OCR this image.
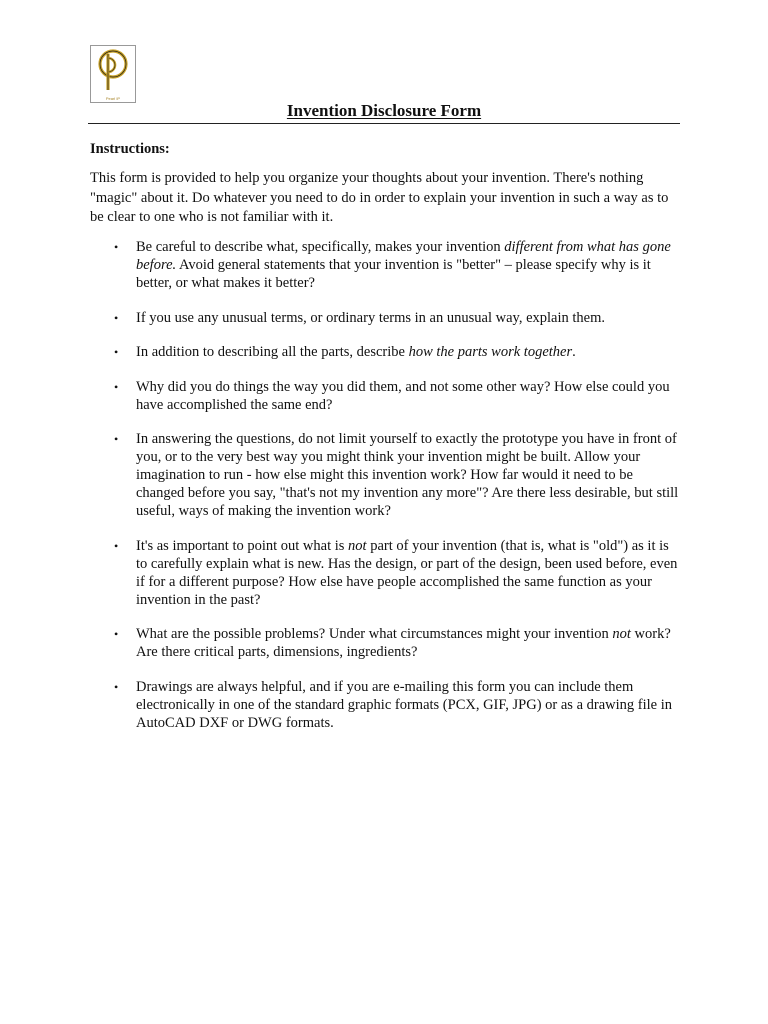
Pearl IP
Invention Disclosure Form
Instructions:

This form is provided to help you organize your thoughts about your invention. There's nothing "magic" about it. Do whatever you need to do in order to explain your invention in such a way as to be clear to one who is not familiar with it.

• Be careful to describe what, specifically, makes your invention different from what has gone before. Avoid general statements that your invention is "better" – please specify why is it better, or what makes it better?
• If you use any unusual terms, or ordinary terms in an unusual way, explain them.
• In addition to describing all the parts, describe how the parts work together.
• Why did you do things the way you did them, and not some other way? How else could you have accomplished the same end?
• In answering the questions, do not limit yourself to exactly the prototype you have in front of you, or to the very best way you might think your invention might be built. Allow your imagination to run - how else might this invention work? How far would it need to be changed before you say, "that's not my invention any more"? Are there less desirable, but still useful, ways of making the invention work?
• It's as important to point out what is not part of your invention (that is, what is "old") as it is to carefully explain what is new. Has the design, or part of the design, been used before, even if for a different purpose? How else have people accomplished the same function as your invention in the past?
• What are the possible problems? Under what circumstances might your invention not work? Are there critical parts, dimensions, ingredients?
• Drawings are always helpful, and if you are e-mailing this form you can include them electronically in one of the standard graphic formats (PCX, GIF, JPG) or as a drawing file in AutoCAD DXF or DWG formats.
